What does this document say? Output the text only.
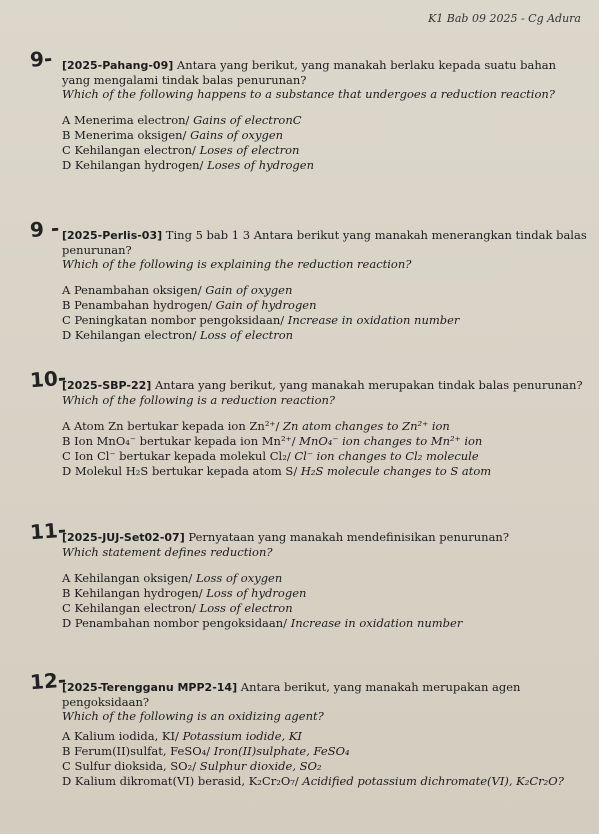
K1 Bab 09 2025 - Cg Adura
9- [2025-Pahang-09] Antara yang berikut, yang manakah berlaku kepada suatu bahan yang mengalami tindak balas penurunan?
Which of the following happens to a substance that undergoes a reduction reaction?
A Menerima electron/ Gains of electronC
B Menerima oksigen/ Gains of oxygen
C Kehilangan electron/ Loses of electron
D Kehilangan hydrogen/ Loses of hydrogen
9 - [2025-Perlis-03] Ting 5 bab 1 3 Antara berikut yang manakah menerangkan tindak balas penurunan?
Which of the following is explaining the reduction reaction?
A Penambahan oksigen/ Gain of oxygen
B Penambahan hydrogen/ Gain of hydrogen
C Peningkatan nombor pengoksidaan/ Increase in oxidation number
D Kehilangan electron/ Loss of electron
10-
[2025-SBP-22] Antara yang berikut, yang manakah merupakan tindak balas penurunan?
Which of the following is a reduction reaction?
A Atom Zn bertukar kepada ion Zn²⁺/ Zn atom changes to Zn²⁺ ion
B Ion MnO₄⁻ bertukar kepada ion Mn²⁺/ MnO₄⁻ ion changes to Mn²⁺ ion
C Ion Cl⁻ bertukar kepada molekul Cl₂/ Cl⁻ ion changes to Cl₂ molecule
D Molekul H₂S bertukar kepada atom S/ H₂S molecule changes to S atom
11-
[2025-JUJ-Set02-07] Pernyataan yang manakah mendefinisikan penurunan?
Which statement defines reduction?
A Kehilangan oksigen/ Loss of oxygen
B Kehilangan hydrogen/ Loss of hydrogen
C Kehilangan electron/ Loss of electron
D Penambahan nombor pengoksidaan/ Increase in oxidation number
12-
[2025-Terengganu MPP2-14] Antara berikut, yang manakah merupakan agen pengoksidaan?
Which of the following is an oxidizing agent?
A Kalium iodida, KI/ Potassium iodide, KI
B Ferum(II)sulfat, FeSO₄/ Iron(II)sulphate, FeSO₄
C Sulfur dioksida, SO₂/ Sulphur dioxide, SO₂
D Kalium dikromat(VI) berasid, K₂Cr₂O₇/ Acidified potassium dichromate(VI), K₂Cr₂O?
